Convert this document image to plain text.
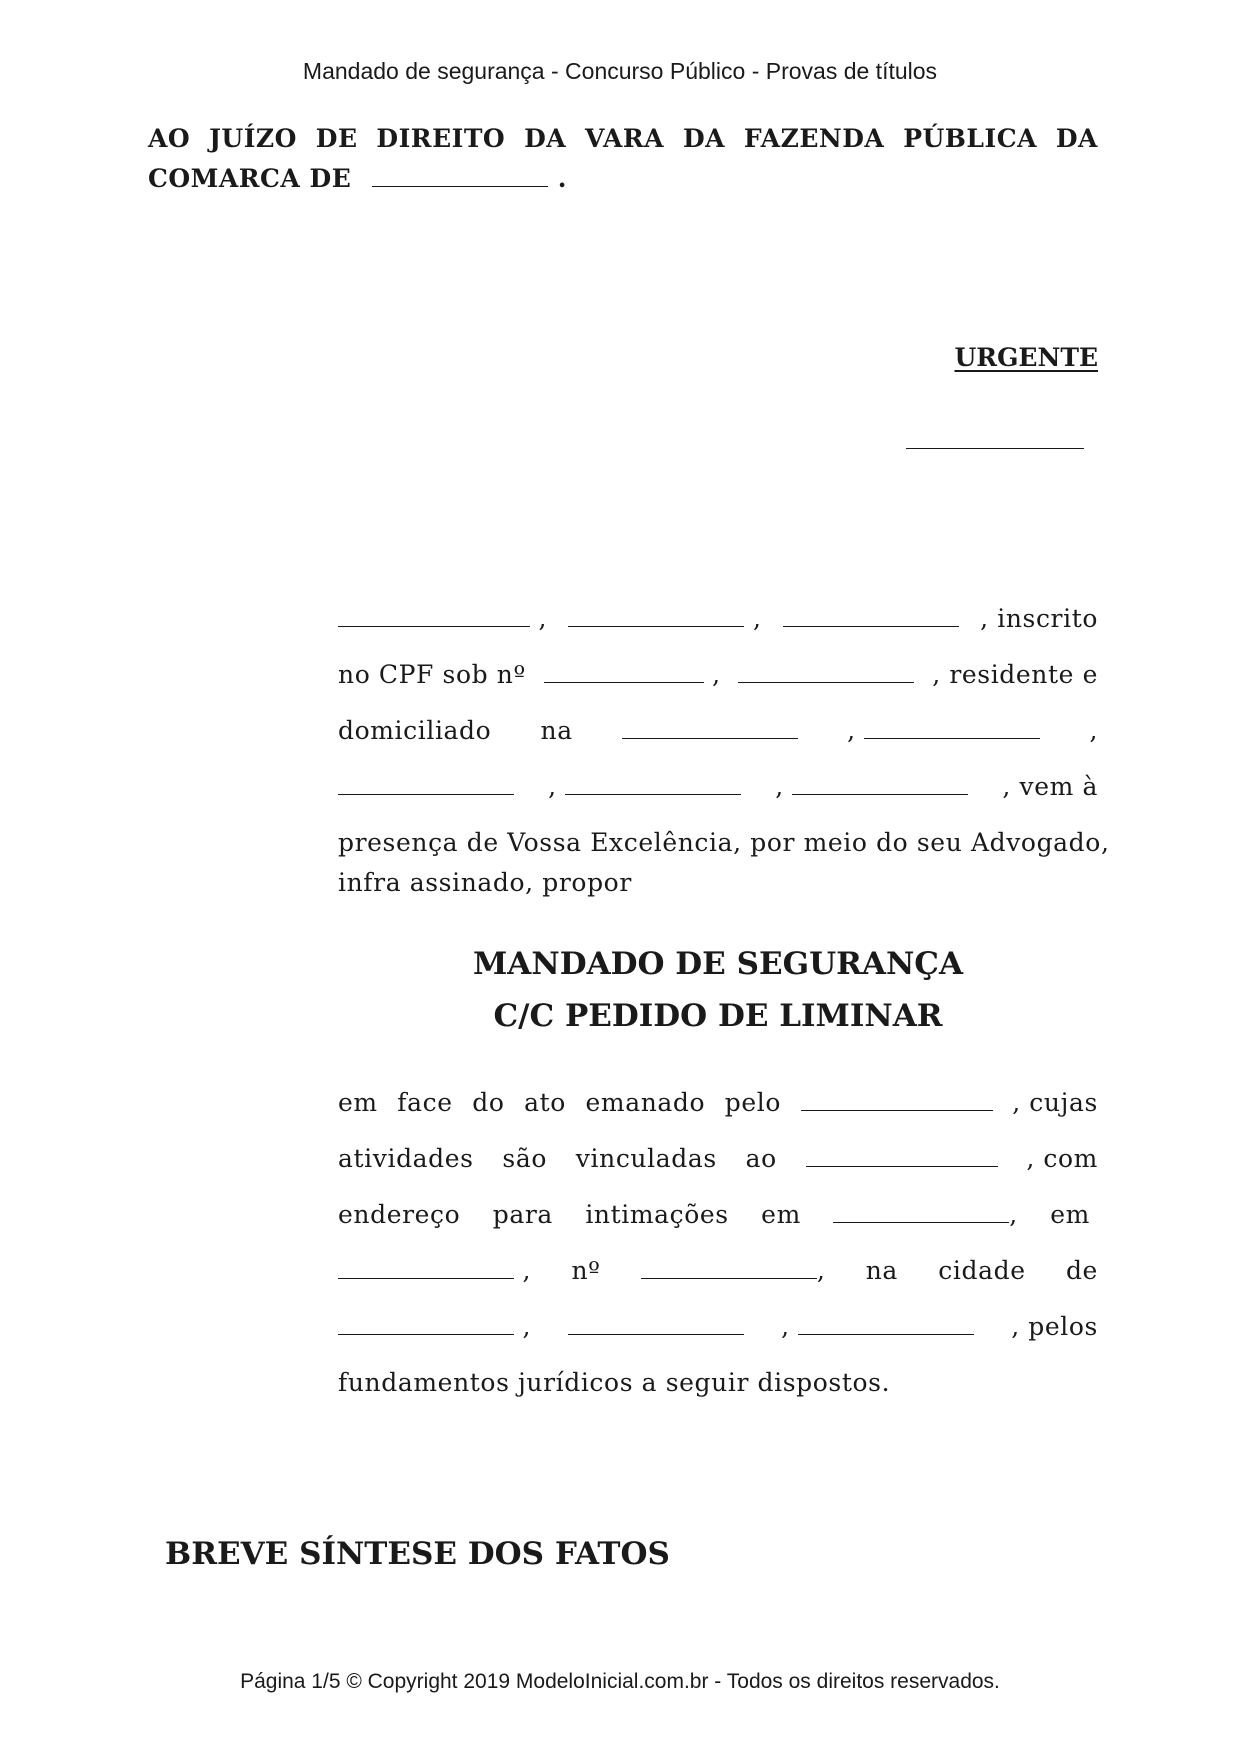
Mandado de segurança - Concurso Público - Provas de títulos
AO JUÍZO DE DIREITO DA VARA DA FAZENDA PÚBLICA DA
COMARCA DE	.
URGENTE
,	,	, inscrito
no CPF sob nº	,	, residente e
domiciliado na	,	,
,	,	, vem à
presença de Vossa Excelência, por meio do seu Advogado,
infra assinado, propor
MANDADO DE SEGURANÇA
C/C PEDIDO DE LIMINAR
em face do ato emanado pelo	, cujas
atividades são vinculadas ao	, com
endereço para intimações em	, em
, nº	, na cidade de
,	,	, pelos
fundamentos jurídicos a seguir dispostos.
BREVE SÍNTESE DOS FATOS
Página 1/5 © Copyright 2019 ModeloInicial.com.br - Todos os direitos reservados.
